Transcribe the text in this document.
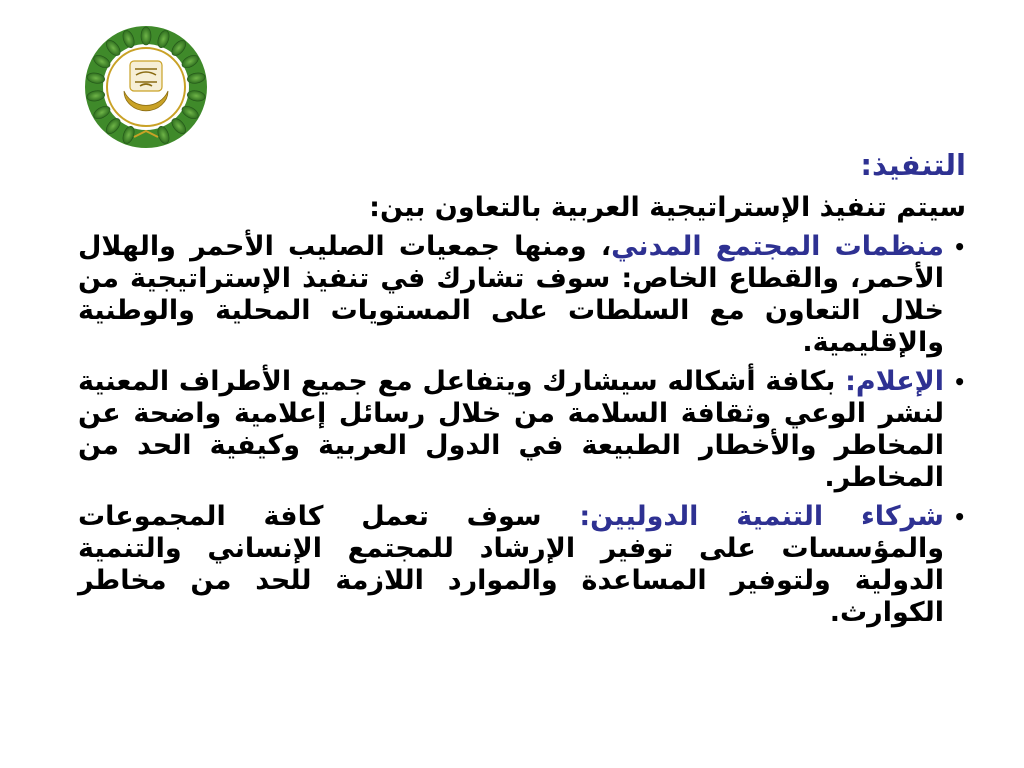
التنفيذ:

سيتم تنفيذ الإستراتيجية العربية بالتعاون بين:

•
منظمات المجتمع المدني، ومنها جمعيات الصليب الأحمر والهلال الأحمر، والقطاع الخاص: سوف تشارك في تنفيذ الإستراتيجية من خلال التعاون مع السلطات على المستويات المحلية والوطنية والإقليمية.
•
الإعلام: بكافة أشكاله سيشارك ويتفاعل مع جميع الأطراف المعنية لنشر الوعي وثقافة السلامة من خلال رسائل إعلامية واضحة عن المخاطر والأخطار الطبيعة في الدول العربية وكيفية الحد من المخاطر.
•
شركاء التنمية الدوليين: سوف تعمل كافة المجموعات والمؤسسات على توفير الإرشاد للمجتمع الإنساني والتنمية الدولية ولتوفير المساعدة والموارد اللازمة للحد من مخاطر الكوارث.
